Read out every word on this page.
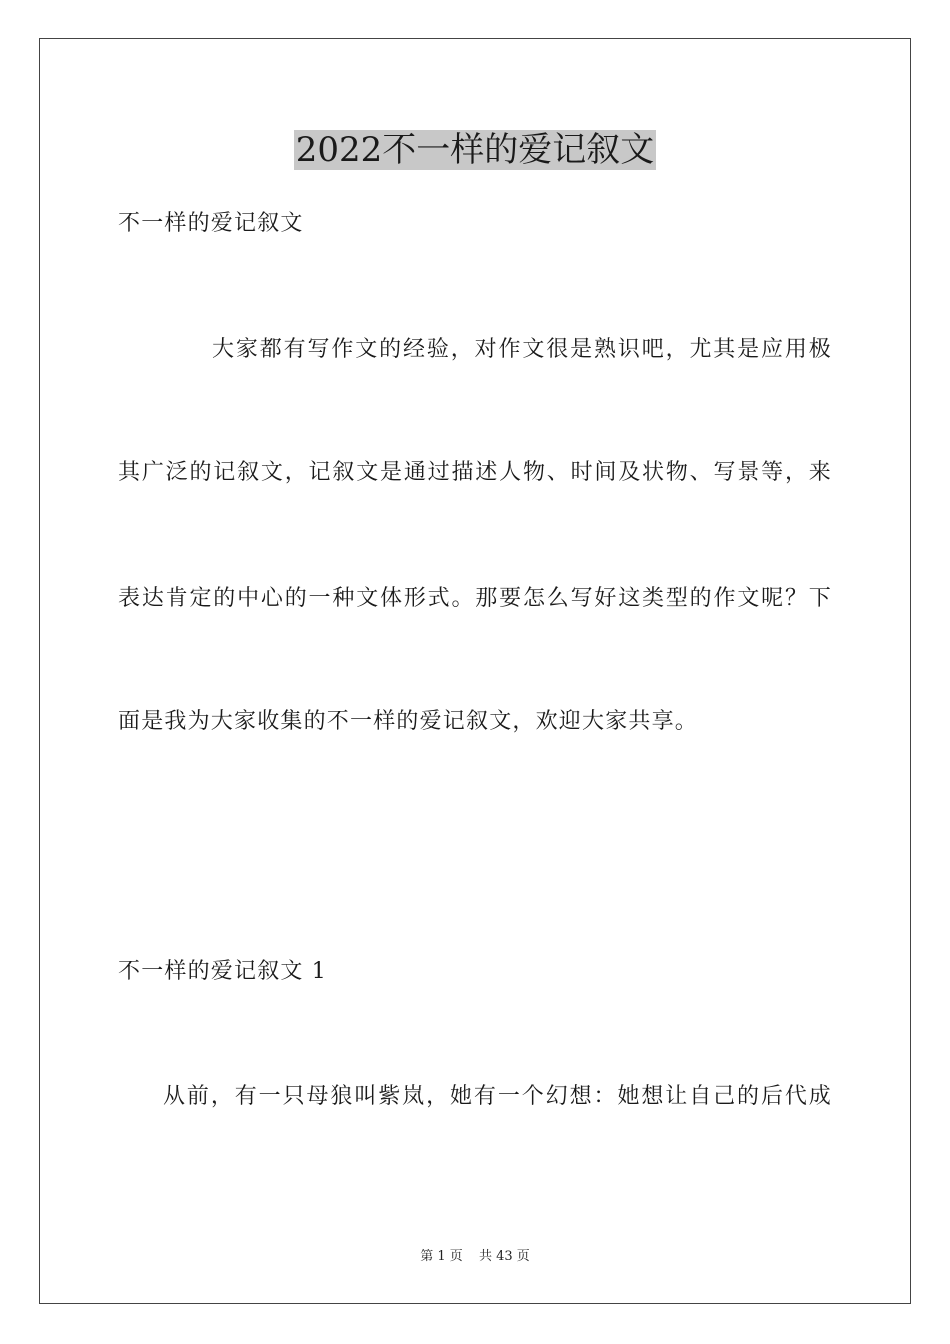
2022不一样的爱记叙文
不一样的爱记叙文
大家都有写作文的经验，对作文很是熟识吧，尤其是应用极
其广泛的记叙文，记叙文是通过描述人物、时间及状物、写景等，来
表达肯定的中心的一种文体形式。那要怎么写好这类型的作文呢？下
面是我为大家收集的不一样的爱记叙文，欢迎大家共享。
不一样的爱记叙文 1
从前，有一只母狼叫紫岚，她有一个幻想：她想让自己的后代成
第 1 页 共 43 页
